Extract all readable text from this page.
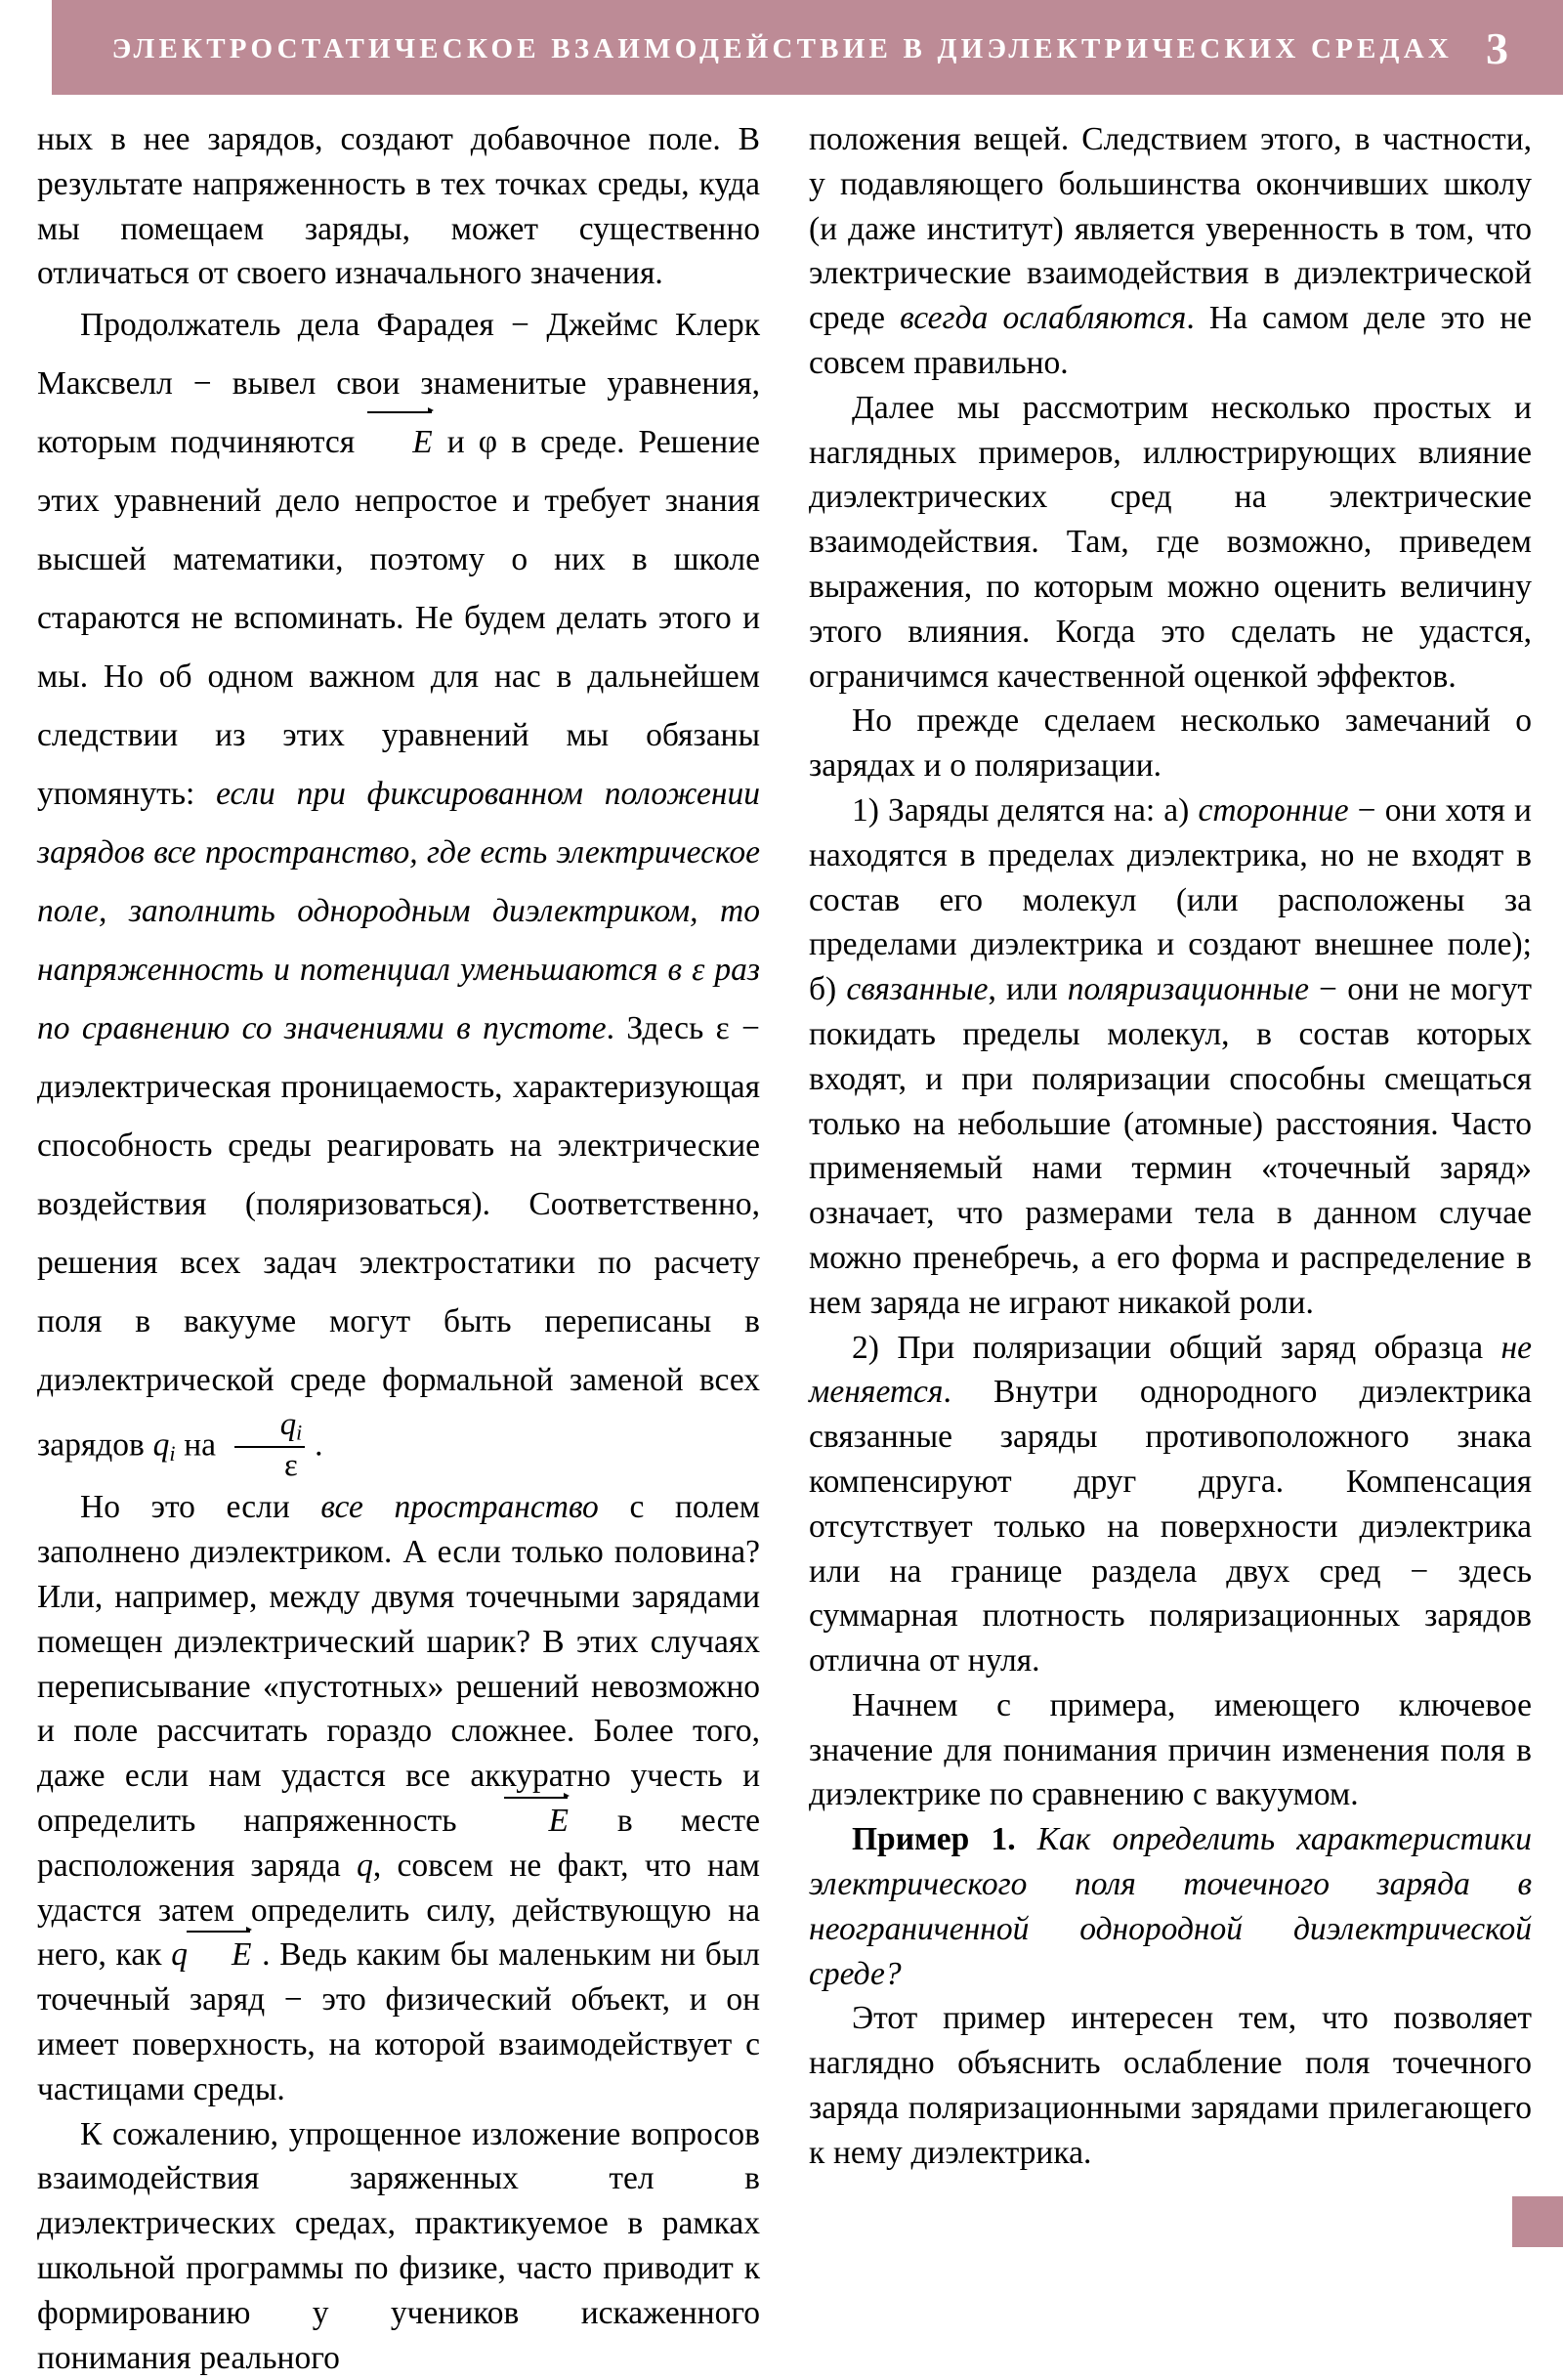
ЭЛЕКТРОСТАТИЧЕСКОЕ ВЗАИМОДЕЙСТВИЕ В ДИЭЛЕКТРИЧЕСКИХ СРЕДАХ 3

ных в нее зарядов, создают добавочное поле. В результате напряженность в тех точках среды, куда мы помещаем заряды, может существенно отличаться от своего изначального значения.

Продолжатель дела Фарадея − Джеймс Клерк Максвелл − вывел свои знаменитые уравнения, которым подчиняются E и φ в среде. Решение этих уравнений дело непростое и требует знания высшей математики, поэтому о них в школе стараются не вспоминать. Не будем делать этого и мы. Но об одном важном для нас в дальнейшем следствии из этих уравнений мы обязаны упомянуть: если при фиксированном положении зарядов все пространство, где есть электрическое поле, заполнить однородным диэлектриком, то напряженность и потенциал уменьшаются в ε раз по сравнению со значениями в пустоте. Здесь ε − диэлектрическая проницаемость, характеризующая способность среды реагировать на электрические воздействия (поляризоваться). Соответственно, решения всех задач электростатики по расчету поля в вакууме могут быть переписаны в диэлектрической среде формальной заменой всех зарядов $q_i$ на $\frac{q_i}{\varepsilon}$ .

Но это если все пространство с полем заполнено диэлектриком. А если только половина? Или, например, между двумя точечными зарядами помещен диэлектрический шарик? В этих случаях переписывание «пустотных» решений невозможно и поле рассчитать гораздо сложнее. Более того, даже если нам удастся все аккуратно учесть и определить напряженность E в месте расположения заряда q, совсем не факт, что нам удастся затем определить силу, действующую на него, как q E . Ведь каким бы маленьким ни был точечный заряд − это физический объект, и он имеет поверхность, на которой взаимодействует с частицами среды.

К сожалению, упрощенное изложение вопросов взаимодействия заряженных тел в диэлектрических средах, практикуемое в рамках школьной программы по физике, часто приводит к формированию у учеников искаженного понимания реального

положения вещей. Следствием этого, в частности, у подавляющего большинства окончивших школу (и даже институт) является уверенность в том, что электрические взаимодействия в диэлектрической среде всегда ослабляются. На самом деле это не совсем правильно.

Далее мы рассмотрим несколько простых и наглядных примеров, иллюстрирующих влияние диэлектрических сред на электрические взаимодействия. Там, где возможно, приведем выражения, по которым можно оценить величину этого влияния. Когда это сделать не удастся, ограничимся качественной оценкой эффектов.

Но прежде сделаем несколько замечаний о зарядах и о поляризации.

1) Заряды делятся на: а) сторонние − они хотя и находятся в пределах диэлектрика, но не входят в состав его молекул (или расположены за пределами диэлектрика и создают внешнее поле); б) связанные, или поляризационные − они не могут покидать пределы молекул, в состав которых входят, и при поляризации способны смещаться только на небольшие (атомные) расстояния. Часто применяемый нами термин «точечный заряд» означает, что размерами тела в данном случае можно пренебречь, а его форма и распределение в нем заряда не играют никакой роли.

2) При поляризации общий заряд образца не меняется. Внутри однородного диэлектрика связанные заряды противоположного знака компенсируют друг друга. Компенсация отсутствует только на поверхности диэлектрика или на границе раздела двух сред − здесь суммарная плотность поляризационных зарядов отлична от нуля.

Начнем с примера, имеющего ключевое значение для понимания причин изменения поля в диэлектрике по сравнению с вакуумом.

Пример 1. Как определить характеристики электрического поля точечного заряда в неограниченной однородной диэлектрической среде?

Этот пример интересен тем, что позволяет наглядно объяснить ослабление поля точечного заряда поляризационными зарядами прилегающего к нему диэлектрика.
